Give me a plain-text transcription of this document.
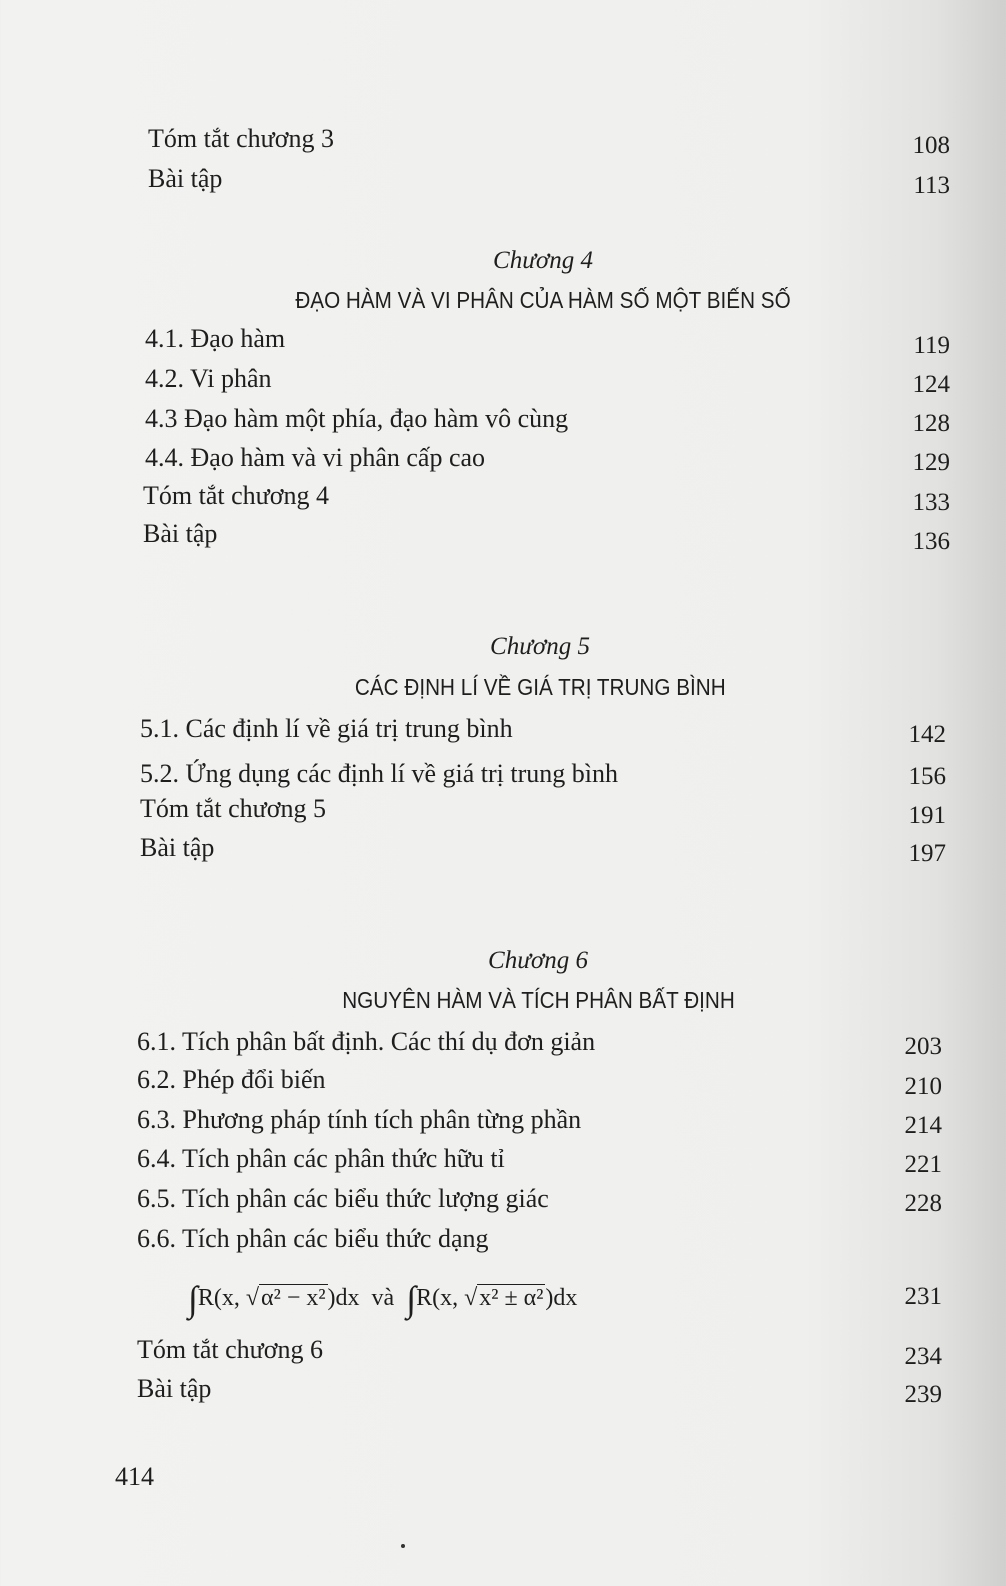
Tóm tắt chương 3	108
Bài tập	113
Chương 4
ĐẠO HÀM VÀ VI PHÂN CỦA HÀM SỐ MỘT BIẾN SỐ
4.1. Đạo hàm	119
4.2. Vi phân	124
4.3 Đạo hàm một phía, đạo hàm vô cùng	128
4.4. Đạo hàm và vi phân cấp cao	129
Tóm tắt chương 4	133
Bài tập	136
Chương 5
CÁC ĐỊNH LÍ VỀ GIÁ TRỊ TRUNG BÌNH
5.1. Các định lí về giá trị trung bình	142
5.2. Ứng dụng các định lí về giá trị trung bình	156
Tóm tắt chương 5	191
Bài tập	197
Chương 6
NGUYÊN HÀM VÀ TÍCH PHÂN BẤT ĐỊNH
6.1. Tích phân bất định. Các thí dụ đơn giản	203
6.2. Phép đổi biến	210
6.3. Phương pháp tính tích phân từng phần	214
6.4. Tích phân các phân thức hữu tỉ	221
6.5. Tích phân các biểu thức lượng giác	228
6.6. Tích phân các biểu thức dạng
∫R(x, √α² − x²)dx  và  ∫R(x, √x² ± α²)dx	231
Tóm tắt chương 6	234
Bài tập	239
414
